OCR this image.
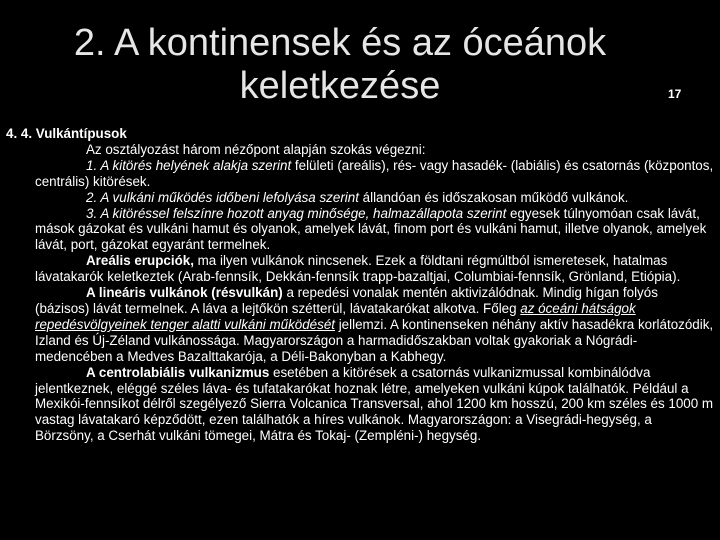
2. A kontinensek és az óceánok
keletkezése	17

4. 4. Vulkántípusok

Az osztályozást három nézőpont alapján szokás végezni:

1. A kitörés helyének alakja szerint felületi (areális), rés- vagy hasadék- (labiális) és csatornás (központos, centrális) kitörések.

2. A vulkáni működés időbeni lefolyása szerint állandóan és időszakosan működő vulkánok.

3. A kitöréssel felszínre hozott anyag minősége, halmazállapota szerint egyesek túlnyomóan csak lávát, mások gázokat és vulkáni hamut és olyanok, amelyek lávát, finom port és vulkáni hamut, illetve olyanok, amelyek lávát, port, gázokat egyaránt termelnek.

Areális erupciók, ma ilyen vulkánok nincsenek. Ezek a földtani régmúltból ismeretesek, hatalmas lávatakarók keletkeztek (Arab-fennsík, Dekkán-fennsík trapp-bazaltjai, Columbiai-fennsík, Grönland, Etiópia).

A lineáris vulkánok (résvulkán) a repedési vonalak mentén aktivizálódnak. Mindig hígan folyós (bázisos) lávát termelnek. A láva a lejtőkön szétterül, lávatakarókat alkotva. Főleg az óceáni hátságok repedésvölgyeinek tenger alatti vulkáni működését jellemzi. A kontinenseken néhány aktív hasadékra korlátozódik, Izland és Új-Zéland vulkánossága. Magyarországon a harmadidőszakban voltak gyakoriak a Nógrádi-medencében a Medves Bazalttakarója, a Déli-Bakonyban a Kabhegy.

A centrolabiális vulkanizmus esetében a kitörések a csatornás vulkanizmussal kombinálódva jelentkeznek, eléggé széles láva- és tufatakarókat hoznak létre, amelyeken vulkáni kúpok találhatók. Például a Mexikói-fennsíkot délről szegélyező Sierra Volcanica Transversal, ahol 1200 km hosszú, 200 km széles és 1000 m vastag lávatakaró képződött, ezen találhatók a híres vulkánok. Magyarországon: a Visegrádi-hegység, a Börzsöny, a Cserhát vulkáni tömegei, Mátra és Tokaj- (Zempléni-) hegység.
